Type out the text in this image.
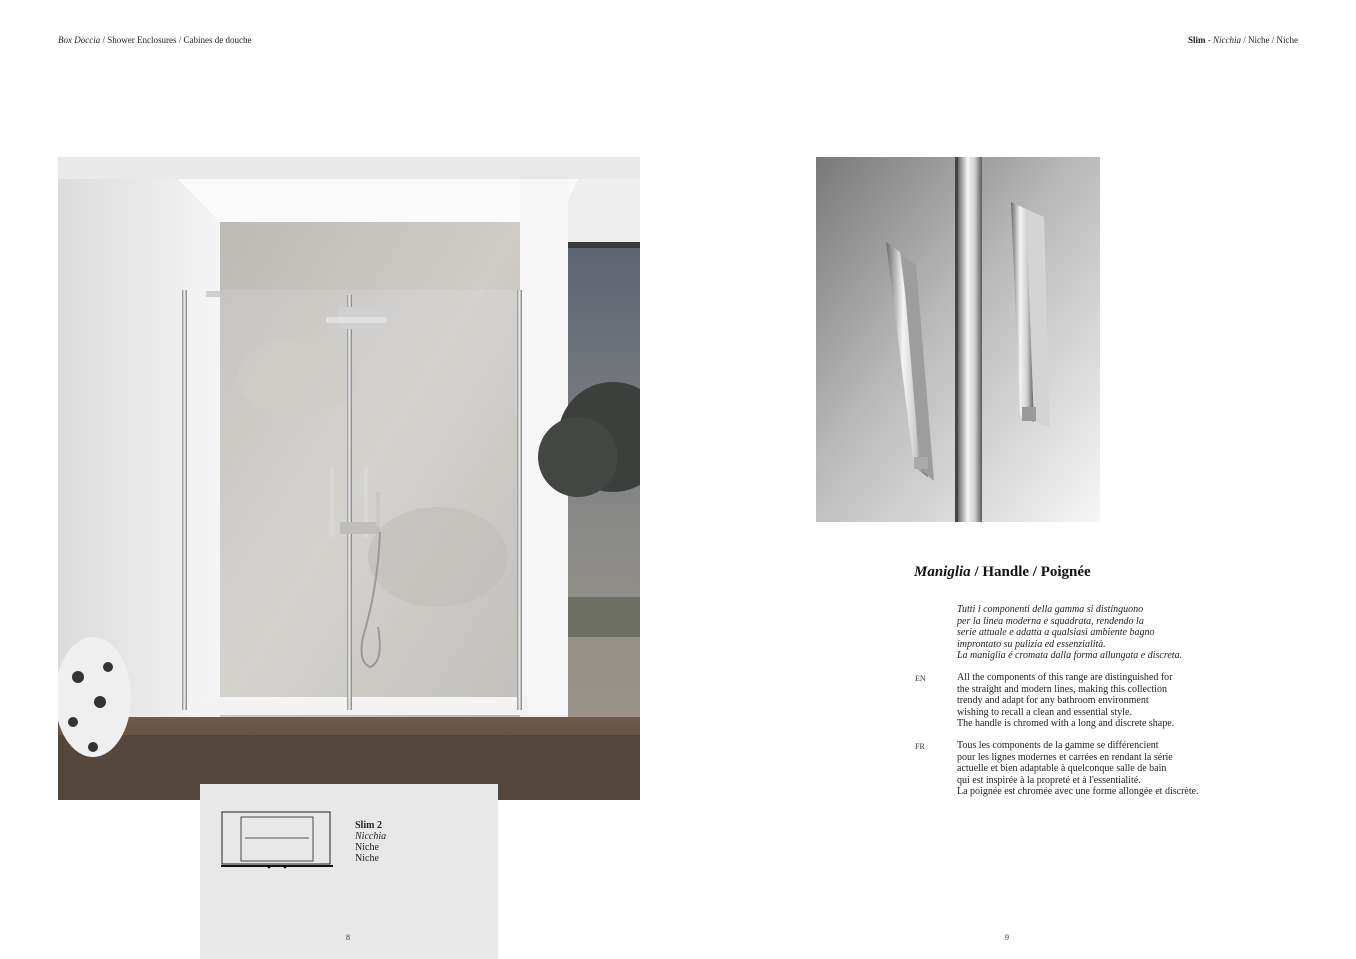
Box Doccia / Shower Enclosures / Cabines de douche	Slim - Nicchia / Niche / Niche
Slim 2
Nicchia
Niche
Niche
8	9
Maniglia / Handle / Poignée
Tutti i componenti della gamma si distinguono
per la linea moderna e squadrata, rendendo la
serie attuale e adatta a qualsiasi ambiente bagno
improntato su pulizia ed essenzialità.
La maniglia é cromata dalla forma allungata e discreta.
EN	All the components of this range are distinguished for
the straight and modern lines, making this collection
trendy and adapt for any bathroom environment
wishing to recall a clean and essential style.
The handle is chromed with a long and discrete shape.
FR	Tous les components de la gamme se différencient
pour les lignes modernes et carrées en rendant la série
actuelle et bien adaptable à quelconque salle de bain
qui est inspirée à la propreté et à l'essentialité.
La poignée est chromée avec une forme allongée et discrète.
